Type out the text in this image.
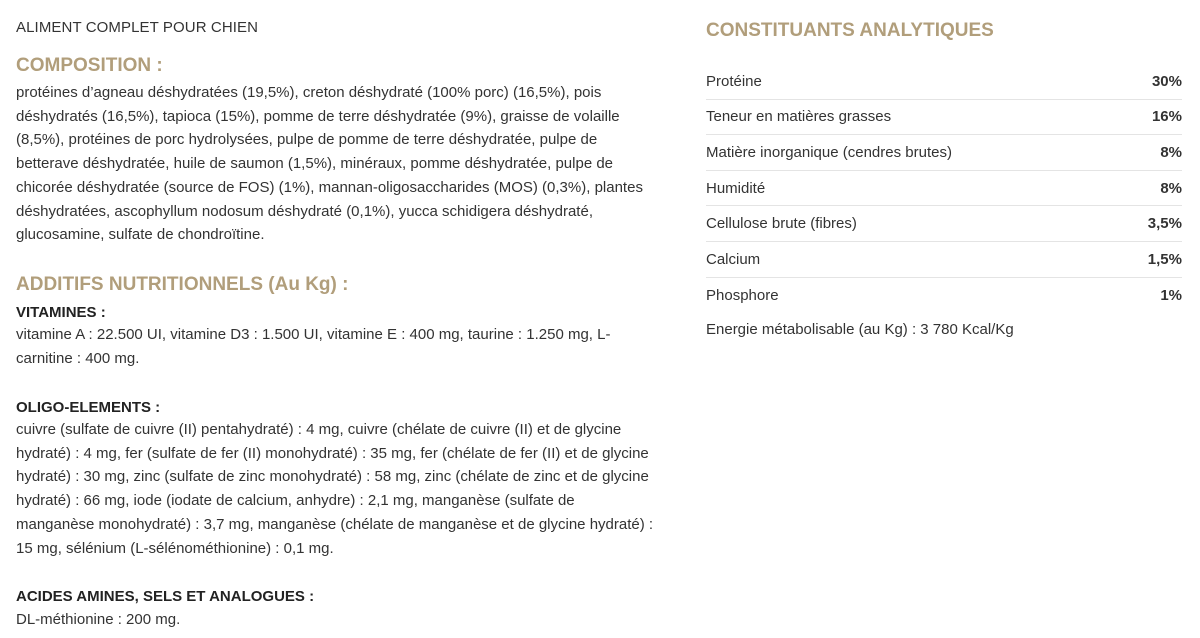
ALIMENT COMPLET POUR CHIEN
COMPOSITION :
protéines d’agneau déshydratées (19,5%), creton déshydraté (100% porc) (16,5%), pois
déshydratés (16,5%), tapioca (15%), pomme de terre déshydratée (9%), graisse de volaille
(8,5%), protéines de porc hydrolysées, pulpe de pomme de terre déshydratée, pulpe de
betterave déshydratée, huile de saumon (1,5%), minéraux, pomme déshydratée, pulpe de
chicorée déshydratée (source de FOS) (1%), mannan-oligosaccharides (MOS) (0,3%), plantes
déshydratées, ascophyllum nodosum déshydraté (0,1%), yucca schidigera déshydraté,
glucosamine, sulfate de chondroïtine.
ADDITIFS NUTRITIONNELS (Au Kg) :
VITAMINES :
vitamine A : 22.500 UI, vitamine D3 : 1.500 UI, vitamine E : 400 mg, taurine : 1.250 mg, L-
carnitine : 400 mg.
OLIGO-ELEMENTS :
cuivre (sulfate de cuivre (II) pentahydraté) : 4 mg, cuivre (chélate de cuivre (II) et de glycine
hydraté) : 4 mg, fer (sulfate de fer (II) monohydraté) : 35 mg, fer (chélate de fer (II) et de glycine
hydraté) : 30 mg, zinc (sulfate de zinc monohydraté) : 58 mg, zinc (chélate de zinc et de glycine
hydraté) : 66 mg, iode (iodate de calcium, anhydre) : 2,1 mg, manganèse (sulfate de
manganèse monohydraté) : 3,7 mg, manganèse (chélate de manganèse et de glycine hydraté) :
15 mg, sélénium (L-sélénométhionine) : 0,1 mg.
ACIDES AMINES, SELS ET ANALOGUES :
DL-méthionine : 200 mg.
CONSTITUANTS ANALYTIQUES
Protéine	30%
Teneur en matières grasses	16%
Matière inorganique (cendres brutes)	8%
Humidité	8%
Cellulose brute (fibres)	3,5%
Calcium	1,5%
Phosphore	1%
Energie métabolisable (au Kg) : 3 780 Kcal/Kg
